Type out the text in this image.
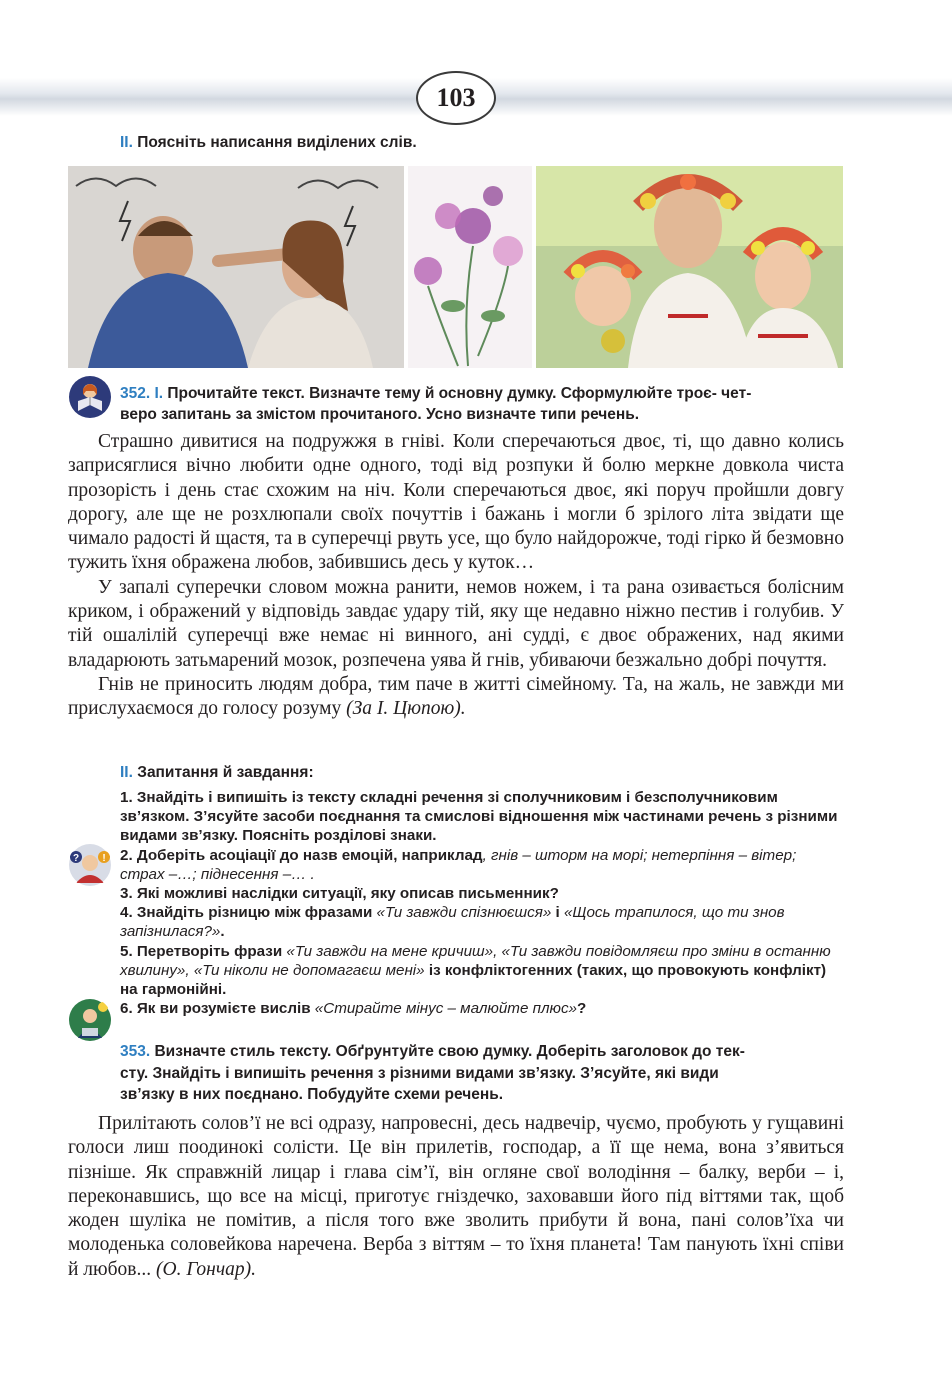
103
II. Поясніть написання виділених слів.
352. I. Прочитайте текст. Визначте тему й основну думку. Сформулюйте троє- чет-
веро запитань за змістом прочитаного. Усно визначте типи речень.

Страшно дивитися на подружжя в гніві. Коли сперечаються двоє, ті, що давно колись заприсяглися вічно любити одне одного, тоді від розпуки й болю меркне довкола чиста прозорість і день стає схожим на ніч. Коли сперечаються двоє, які поруч пройшли довгу дорогу, але ще не розхлюпали своїх почуттів і бажань і могли б зрілого літа звідати ще чимало радості й щастя, та в суперечці рвуть усе, що було найдорожче, тоді гірко й безмовно тужить їхня ображена любов, забившись десь у куток…

У запалі суперечки словом можна ранити, немов ножем, і та рана озивається болісним криком, і ображений у відповідь завдає удару тій, яку ще недавно ніжно пестив і голубив. У тій ошалілій суперечці вже немає ні винного, ані судді, є двоє ображених, над якими владарюють затьмарений мозок, розпечена уява й гнів, убиваючи безжально добрі почуття.

Гнів не приносить людям добра, тим паче в житті сімейному. Та, на жаль, не завжди ми прислухаємося до голосу розуму (За І. Цюпою).

II. Запитання й завдання:
? !
1. Знайдіть і випишіть із тексту складні речення зі сполучниковим і безсполучниковим зв’язком. З’ясуйте засоби поєднання та смислові відношення між частинами речень з різними видами зв’язку. Поясніть розділові знаки.
2. Доберіть асоціації до назв емоцій, наприклад, гнів – шторм на морі; нетерпіння – вітер; страх –…; піднесення –… .
3. Які можливі наслідки ситуації, яку описав письменник?
4. Знайдіть різницю між фразами «Ти завжди спізнюєшся» і «Щось трапилося, що ти знов запізнилася?».
5. Перетворіть фрази «Ти завжди на мене кричиш», «Ти завжди повідомляєш про зміни в останню хвилину», «Ти ніколи не допомагаєш мені» із конфліктогенних (таких, що провокують конфлікт) на гармонійні.
6. Як ви розумієте вислів «Стирайте мінус – малюйте плюс»?
353. Визначте стиль тексту. Обґрунтуйте свою думку. Доберіть заголовок до тек-
сту. Знайдіть і випишіть речення з різними видами зв’язку. З’ясуйте, які види
зв’язку в них поєднано. Побудуйте схеми речень.

Прилітають солов’ї не всі одразу, напровесні, десь надвечір, чуємо, пробують у гущавині голоси лиш поодинокі солісти. Це він прилетів, господар, а її ще нема, вона з’явиться пізніше. Як справжній лицар і глава сім’ї, він огляне свої володіння – балку, верби – і, переконавшись, що все на місці, приготує гніздечко, заховавши його під віттями так, щоб жоден шуліка не помітив, а після того вже зволить прибути й вона, пані солов’їха чи молоденька соловейкова наречена. Верба з віттям – то їхня планета! Там панують їхні співи й любов... (О. Гончар).
